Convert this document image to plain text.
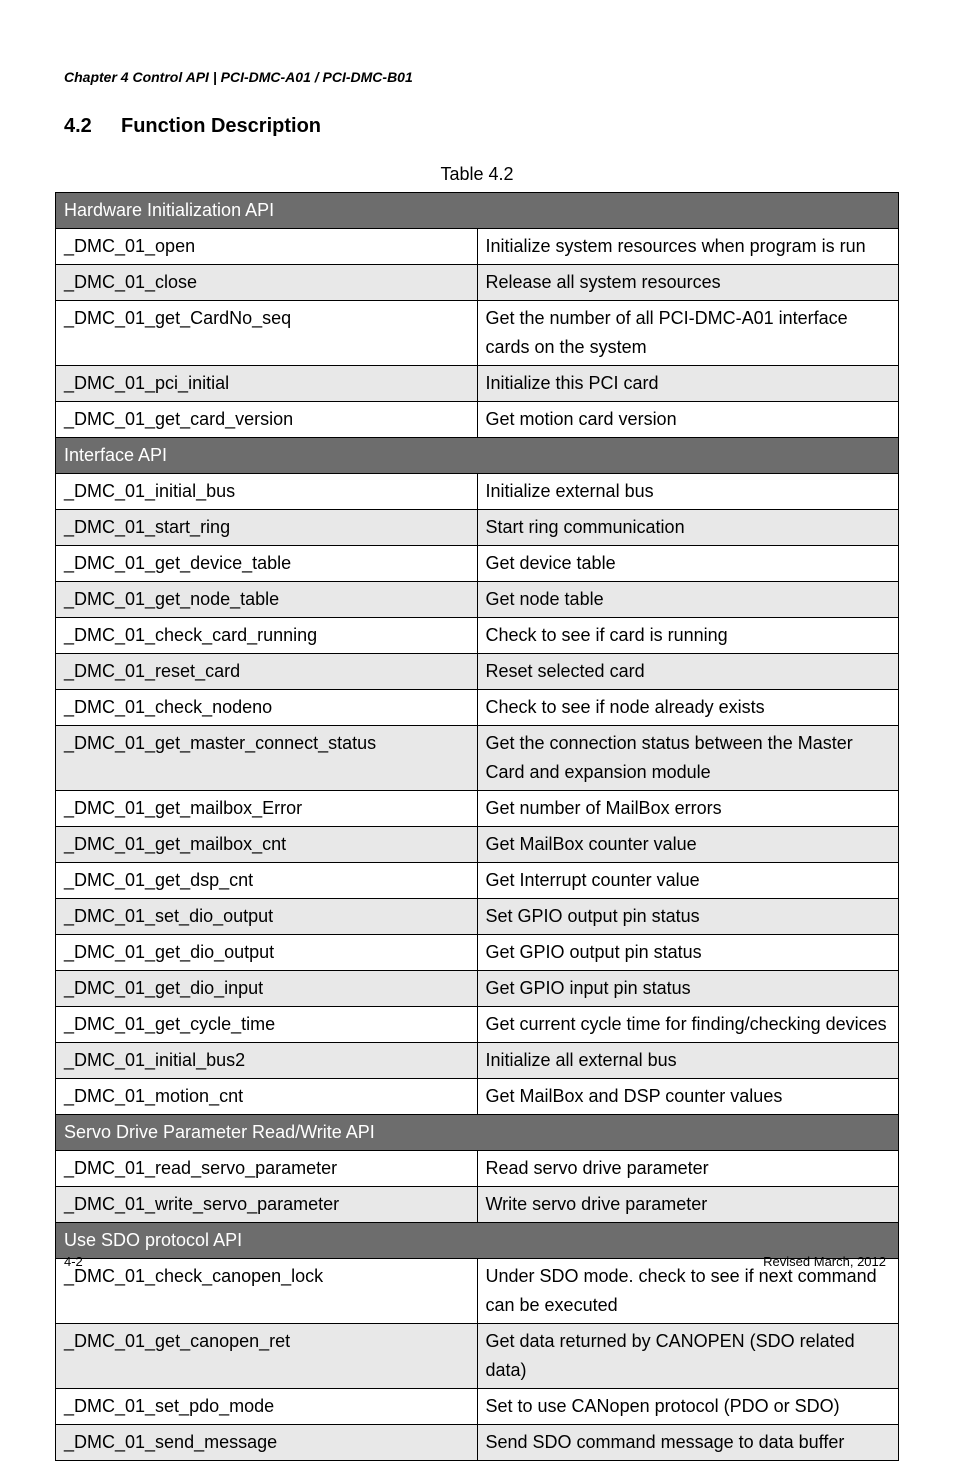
Chapter 4 Control API | PCI-DMC-A01 / PCI-DMC-B01
4.2 Function Description
Table 4.2
Hardware Initialization API	
_DMC_01_open	Initialize system resources when program is run
_DMC_01_close	Release all system resources
_DMC_01_get_CardNo_seq	Get the number of all PCI-DMC-A01 interface cards on the system
_DMC_01_pci_initial	Initialize this PCI card
_DMC_01_get_card_version	Get motion card version
Interface API	
_DMC_01_initial_bus	Initialize external bus
_DMC_01_start_ring	Start ring communication
_DMC_01_get_device_table	Get device table
_DMC_01_get_node_table	Get node table
_DMC_01_check_card_running	Check to see if card is running
_DMC_01_reset_card	Reset selected card
_DMC_01_check_nodeno	Check to see if node already exists
_DMC_01_get_master_connect_status	Get the connection status between the Master Card and expansion module
_DMC_01_get_mailbox_Error	Get number of MailBox errors
_DMC_01_get_mailbox_cnt	Get MailBox counter value
_DMC_01_get_dsp_cnt	Get Interrupt counter value
_DMC_01_set_dio_output	Set GPIO output pin status
_DMC_01_get_dio_output	Get GPIO output pin status
_DMC_01_get_dio_input	Get GPIO input pin status
_DMC_01_get_cycle_time	Get current cycle time for finding/checking devices
_DMC_01_initial_bus2	Initialize all external bus
_DMC_01_motion_cnt	Get MailBox and DSP counter values
Servo Drive Parameter Read/Write API	
_DMC_01_read_servo_parameter	Read servo drive parameter
_DMC_01_write_servo_parameter	Write servo drive parameter
Use SDO protocol API	
_DMC_01_check_canopen_lock	Under SDO mode. check to see if next command can be executed
_DMC_01_get_canopen_ret	Get data returned by CANOPEN (SDO related data)
_DMC_01_set_pdo_mode	Set to use CANopen protocol (PDO or SDO)
_DMC_01_send_message	Send SDO command message to data buffer
4-2	Revised March, 2012
